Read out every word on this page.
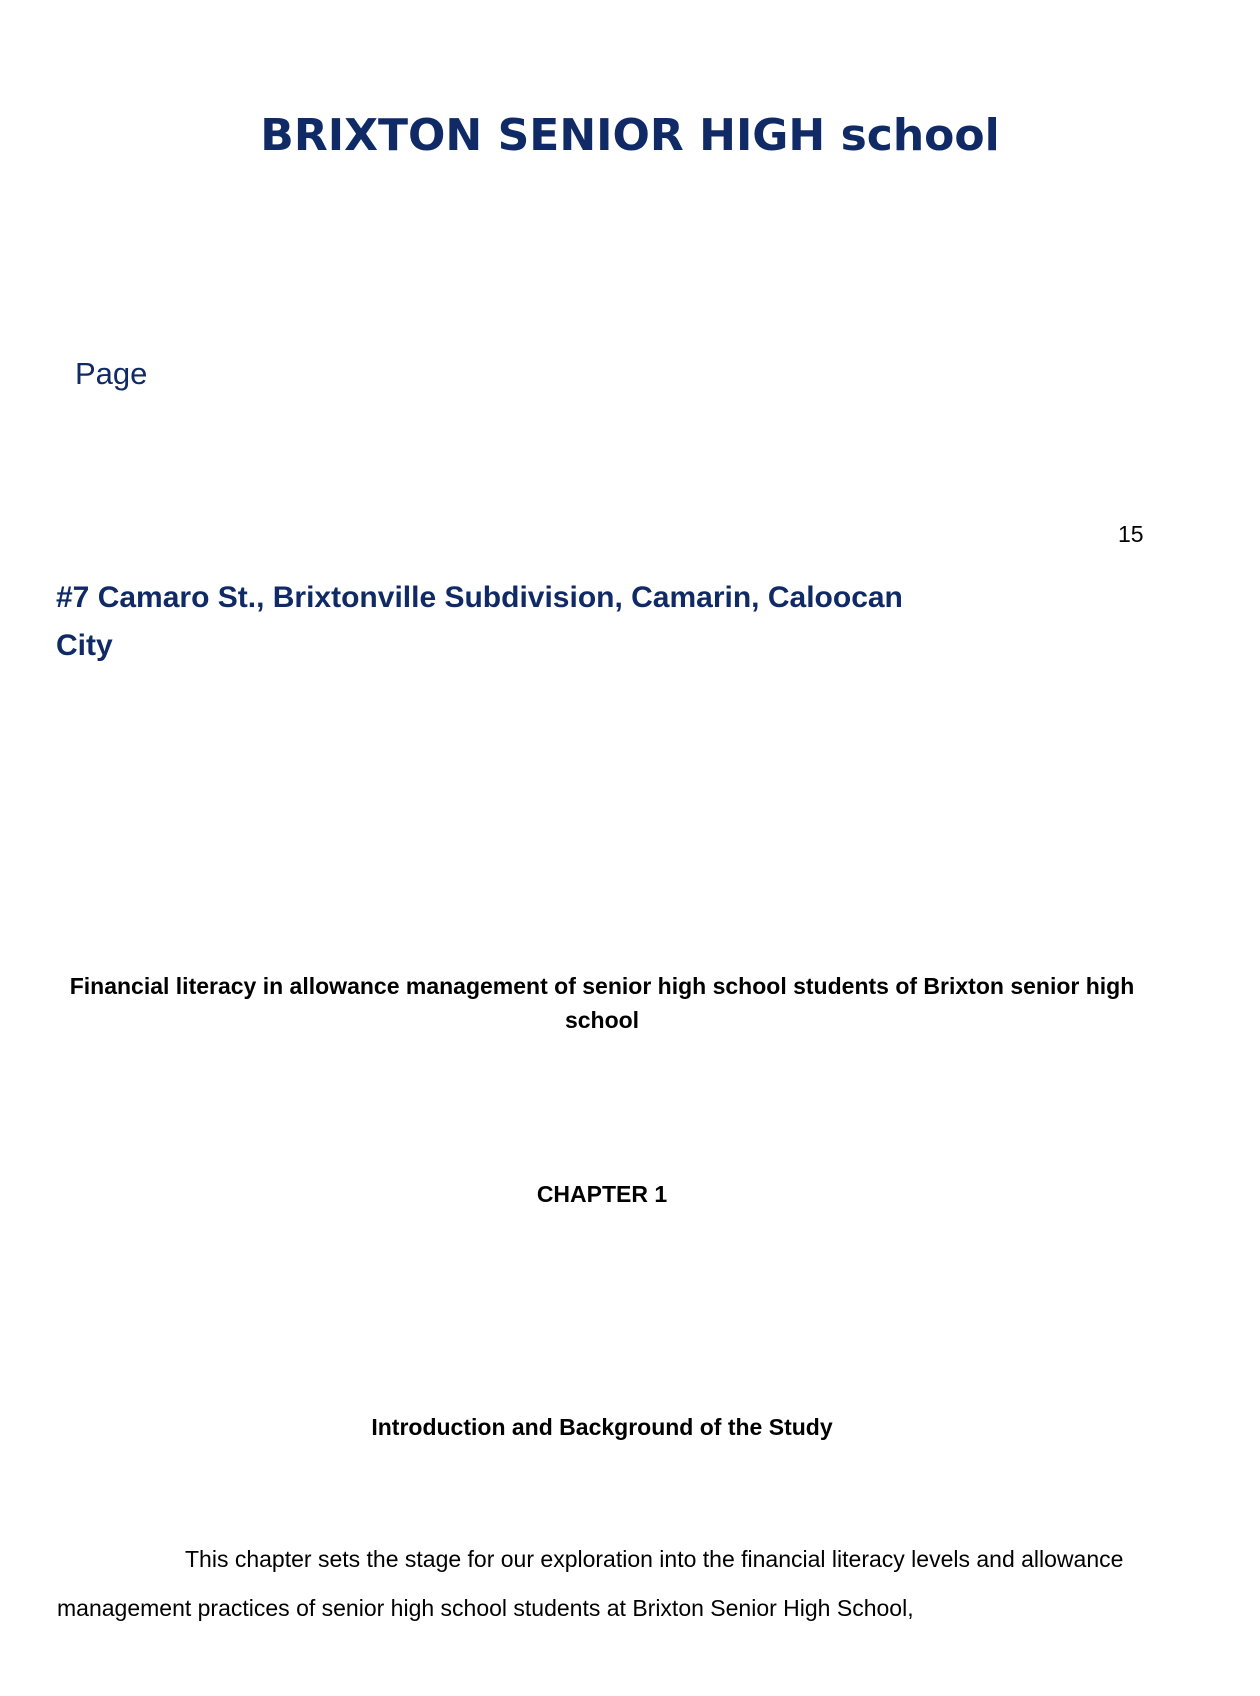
BRIXTON SENIOR HIGH school

Page

15

#7 Camaro St., Brixtonville Subdivision, Camarin, Caloocan City

Financial literacy in allowance management of senior high school students of Brixton senior high school

CHAPTER 1

Introduction and Background of the Study

This chapter sets the stage for our exploration into the financial literacy levels and allowance management practices of senior high school students at Brixton Senior High School,
